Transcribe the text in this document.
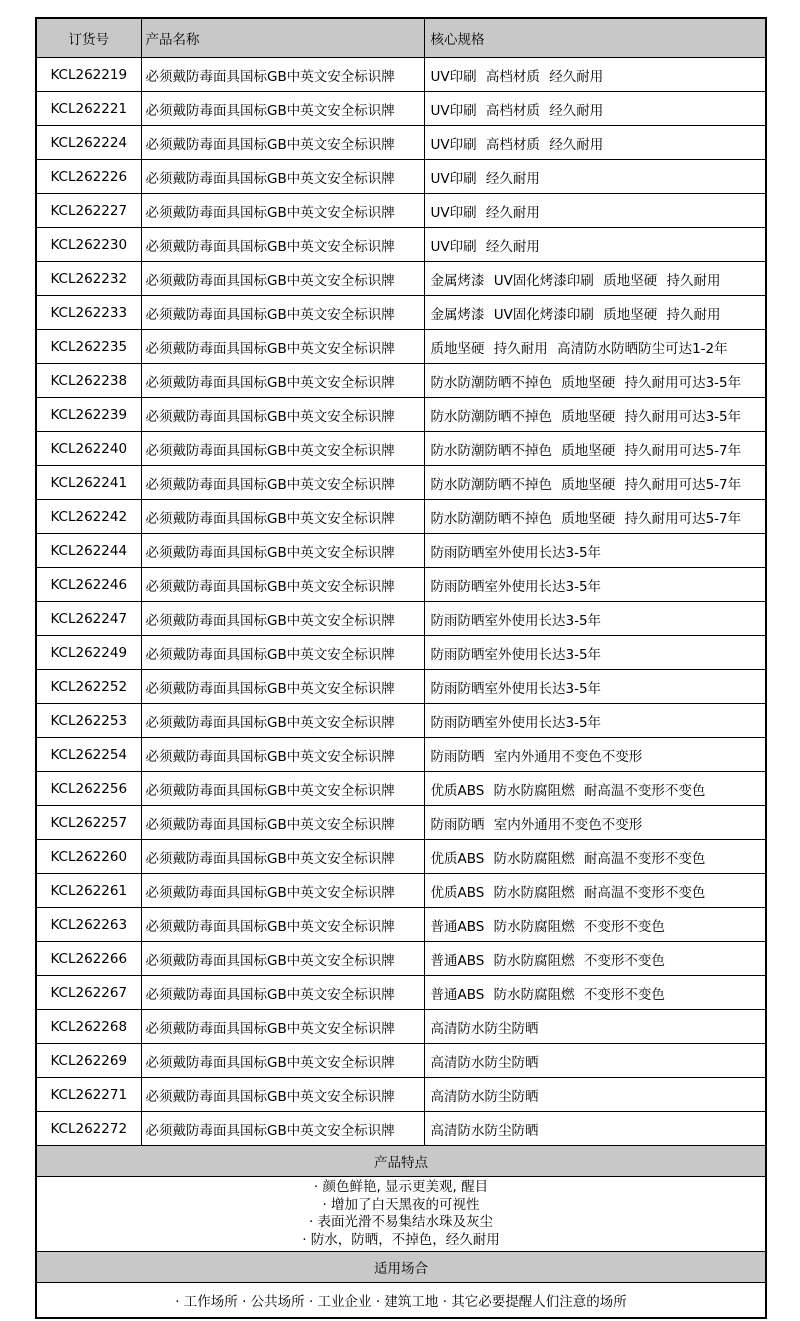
订货号	产品名称	核心规格
KCL262219	必须戴防毒面具国标GB中英文安全标识牌	UV印刷 高档材质 经久耐用
KCL262221	必须戴防毒面具国标GB中英文安全标识牌	UV印刷 高档材质 经久耐用
KCL262224	必须戴防毒面具国标GB中英文安全标识牌	UV印刷 高档材质 经久耐用
KCL262226	必须戴防毒面具国标GB中英文安全标识牌	UV印刷 经久耐用
KCL262227	必须戴防毒面具国标GB中英文安全标识牌	UV印刷 经久耐用
KCL262230	必须戴防毒面具国标GB中英文安全标识牌	UV印刷 经久耐用
KCL262232	必须戴防毒面具国标GB中英文安全标识牌	金属烤漆 UV固化烤漆印刷 质地坚硬 持久耐用
KCL262233	必须戴防毒面具国标GB中英文安全标识牌	金属烤漆 UV固化烤漆印刷 质地坚硬 持久耐用
KCL262235	必须戴防毒面具国标GB中英文安全标识牌	质地坚硬 持久耐用 高清防水防晒防尘可达1-2年
KCL262238	必须戴防毒面具国标GB中英文安全标识牌	防水防潮防晒不掉色 质地坚硬 持久耐用可达3-5年
KCL262239	必须戴防毒面具国标GB中英文安全标识牌	防水防潮防晒不掉色 质地坚硬 持久耐用可达3-5年
KCL262240	必须戴防毒面具国标GB中英文安全标识牌	防水防潮防晒不掉色 质地坚硬 持久耐用可达5-7年
KCL262241	必须戴防毒面具国标GB中英文安全标识牌	防水防潮防晒不掉色 质地坚硬 持久耐用可达5-7年
KCL262242	必须戴防毒面具国标GB中英文安全标识牌	防水防潮防晒不掉色 质地坚硬 持久耐用可达5-7年
KCL262244	必须戴防毒面具国标GB中英文安全标识牌	防雨防晒室外使用长达3-5年
KCL262246	必须戴防毒面具国标GB中英文安全标识牌	防雨防晒室外使用长达3-5年
KCL262247	必须戴防毒面具国标GB中英文安全标识牌	防雨防晒室外使用长达3-5年
KCL262249	必须戴防毒面具国标GB中英文安全标识牌	防雨防晒室外使用长达3-5年
KCL262252	必须戴防毒面具国标GB中英文安全标识牌	防雨防晒室外使用长达3-5年
KCL262253	必须戴防毒面具国标GB中英文安全标识牌	防雨防晒室外使用长达3-5年
KCL262254	必须戴防毒面具国标GB中英文安全标识牌	防雨防晒 室内外通用不变色不变形
KCL262256	必须戴防毒面具国标GB中英文安全标识牌	优质ABS 防水防腐阻燃 耐高温不变形不变色
KCL262257	必须戴防毒面具国标GB中英文安全标识牌	防雨防晒 室内外通用不变色不变形
KCL262260	必须戴防毒面具国标GB中英文安全标识牌	优质ABS 防水防腐阻燃 耐高温不变形不变色
KCL262261	必须戴防毒面具国标GB中英文安全标识牌	优质ABS 防水防腐阻燃 耐高温不变形不变色
KCL262263	必须戴防毒面具国标GB中英文安全标识牌	普通ABS 防水防腐阻燃 不变形不变色
KCL262266	必须戴防毒面具国标GB中英文安全标识牌	普通ABS 防水防腐阻燃 不变形不变色
KCL262267	必须戴防毒面具国标GB中英文安全标识牌	普通ABS 防水防腐阻燃 不变形不变色
KCL262268	必须戴防毒面具国标GB中英文安全标识牌	高清防水防尘防晒
KCL262269	必须戴防毒面具国标GB中英文安全标识牌	高清防水防尘防晒
KCL262271	必须戴防毒面具国标GB中英文安全标识牌	高清防水防尘防晒
KCL262272	必须戴防毒面具国标GB中英文安全标识牌	高清防水防尘防晒
产品特点		

· 颜色鲜艳, 显示更美观, 醒目
· 增加了白天黑夜的可视性
· 表面光滑不易集结水珠及灰尘
· 防水，防晒，不掉色，经久耐用		

适用场合		
· 工作场所 · 公共场所 · 工业企业 · 建筑工地 · 其它必要提醒人们注意的场所		
